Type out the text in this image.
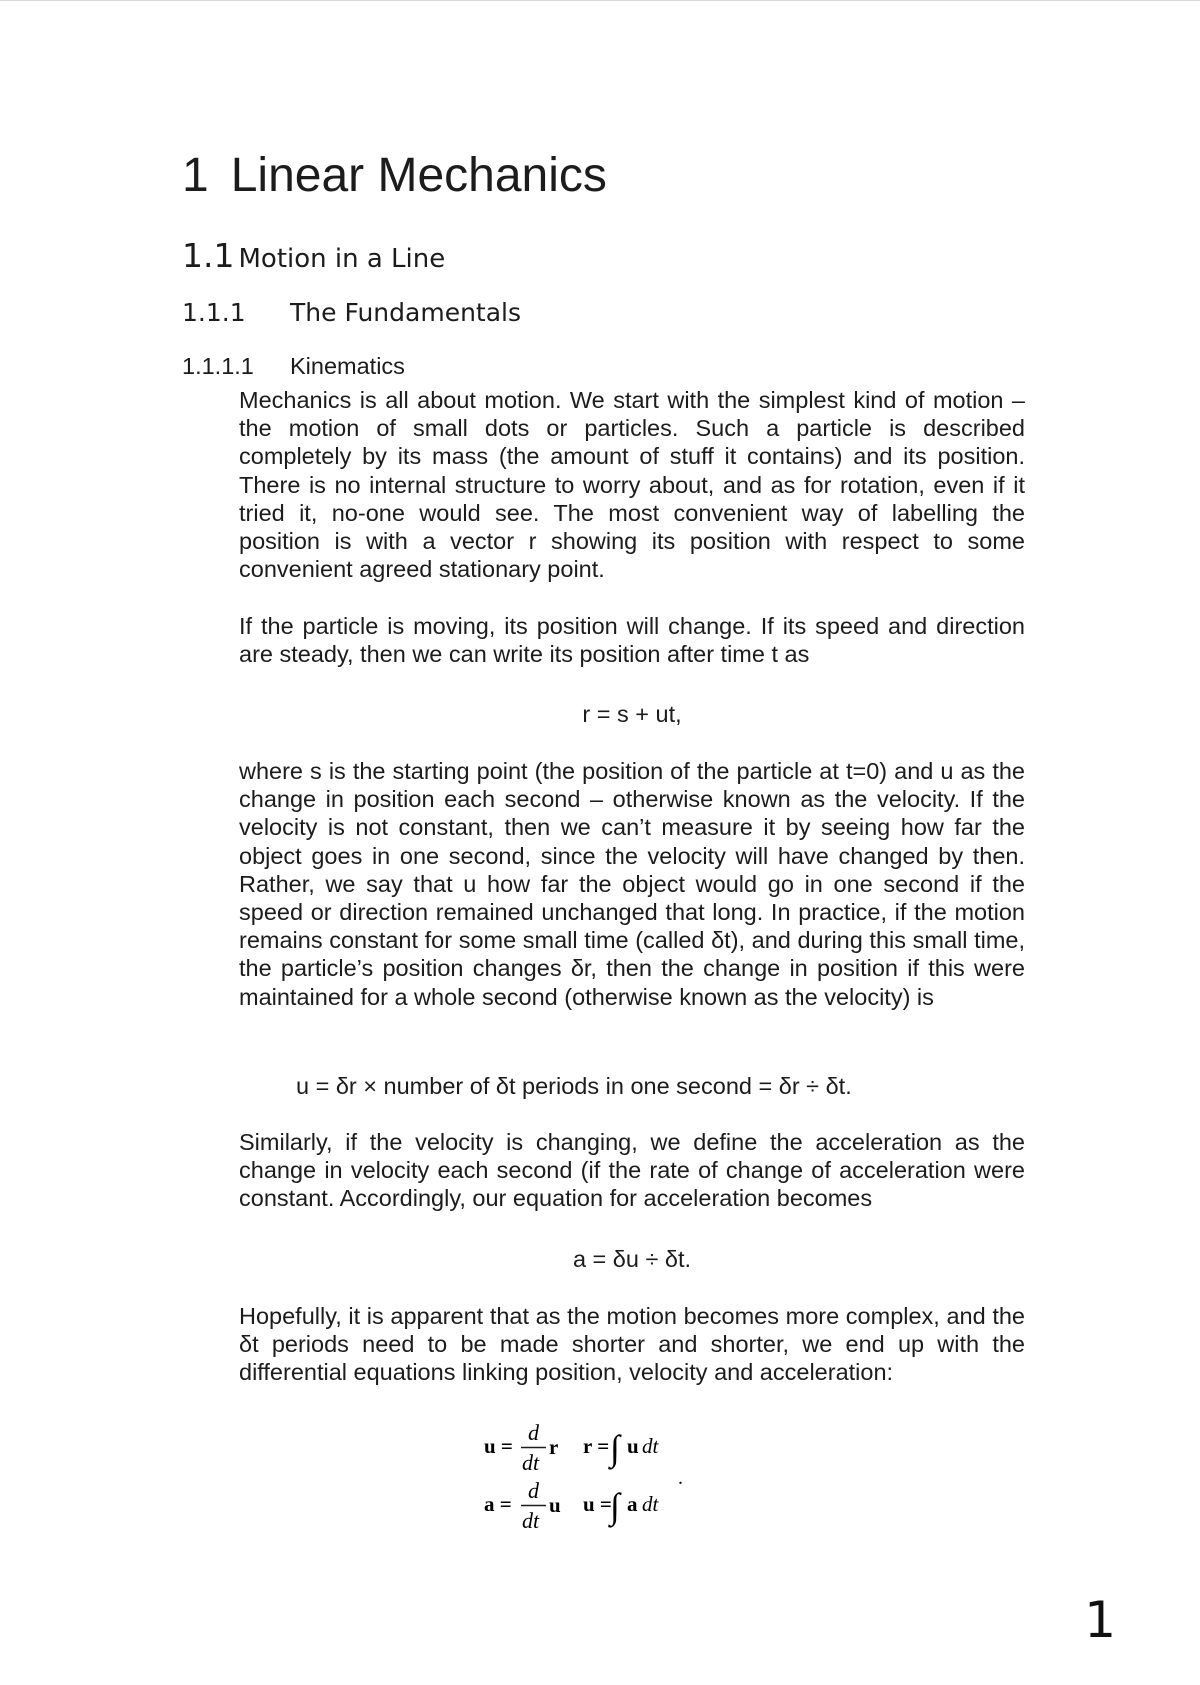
1 Linear Mechanics
1.1 Motion in a Line
1.1.1 The Fundamentals
1.1.1.1 Kinematics
Mechanics is all about motion. We start with the simplest kind of motion – the motion of small dots or particles. Such a particle is described completely by its mass (the amount of stuff it contains) and its position. There is no internal structure to worry about, and as for rotation, even if it tried it, no-one would see. The most convenient way of labelling the position is with a vector r showing its position with respect to some convenient agreed stationary point.
If the particle is moving, its position will change. If its speed and direction are steady, then we can write its position after time t as
r = s + ut,
where s is the starting point (the position of the particle at t=0) and u as the change in position each second – otherwise known as the velocity. If the velocity is not constant, then we can’t measure it by seeing how far the object goes in one second, since the velocity will have changed by then. Rather, we say that u how far the object would go in one second if the speed or direction remained unchanged that long. In practice, if the motion remains constant for some small time (called δt), and during this small time, the particle’s position changes δr, then the change in position if this were maintained for a whole second (otherwise known as the velocity) is
u = δr × number of δt periods in one second = δr ÷ δt.
Similarly, if the velocity is changing, we define the acceleration as the change in velocity each second (if the rate of change of acceleration were constant. Accordingly, our equation for acceleration becomes
a = δu ÷ δt.
Hopefully, it is apparent that as the motion becomes more complex, and the δt periods need to be made shorter and shorter, we end up with the differential equations linking position, velocity and acceleration:
u =
d
dt
r r = ∫ u dt
a =
d
dt
u u =
∫ a dt
.
1
